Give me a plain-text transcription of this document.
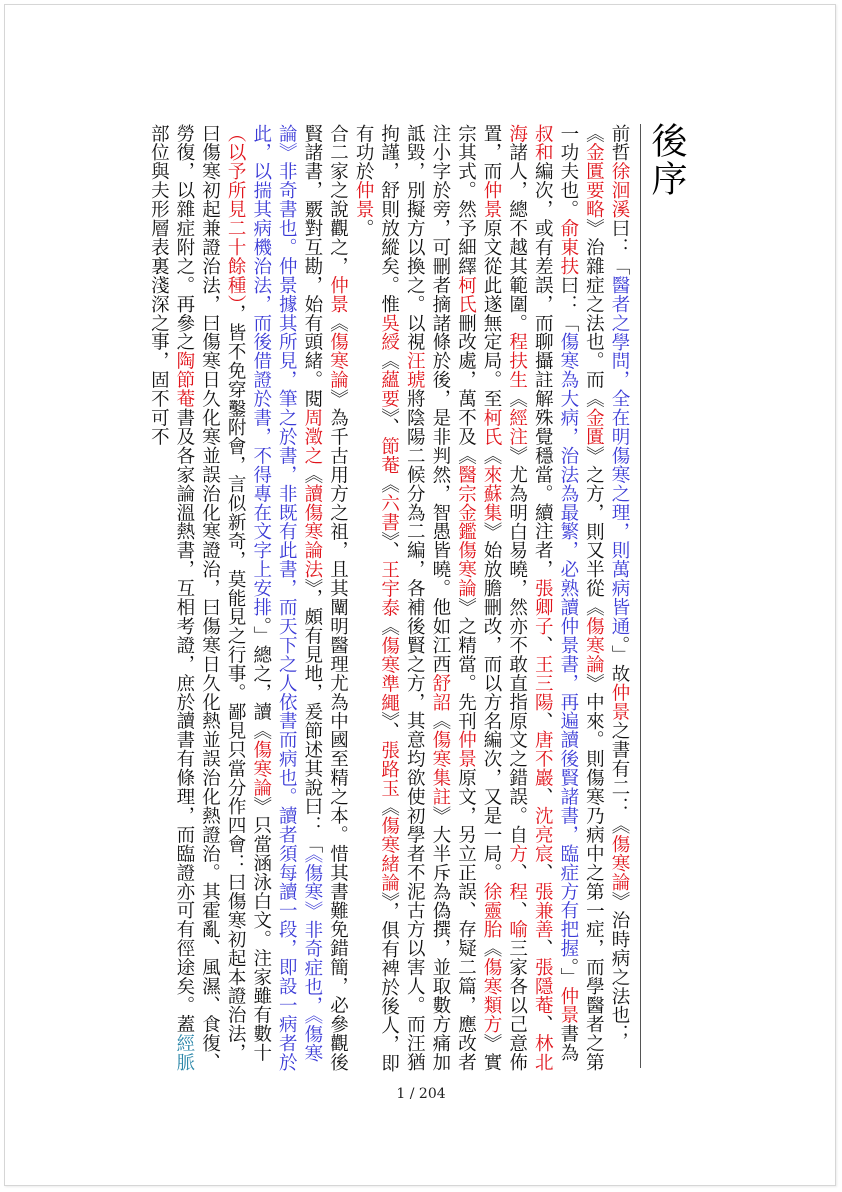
後序

前哲徐洄溪曰：「醫者之學問，全在明傷寒之理，則萬病皆通。」故仲景之書有二：《傷寒論》治時病之法也；《金匱要略》治雜症之法也。而《金匱》之方，則又半從《傷寒論》中來。則傷寒乃病中之第一症，而學醫者之第一功夫也。俞東扶曰：「傷寒為大病，治法為最繁，必熟讀仲景書，再遍讀後賢諸書，臨症方有把握。」仲景書為叔和編次，或有差誤，而聊攝註解殊覺穩當。續注者，張卿子、王三陽、唐不巖、沈亮宸、張兼善、張隱菴、林北海諸人，總不越其範圍。程扶生《經注》尤為明白易曉，然亦不敢直指原文之錯誤。自方、程、喻三家各以己意佈置，而仲景原文從此遂無定局。至柯氏《來蘇集》始放膽刪改，而以方名編次，又是一局。徐靈胎《傷寒類方》實宗其式。然予細繹柯氏刪改處，萬不及《醫宗金鑑傷寒論》之精當。先刊仲景原文，另立正誤、存疑二篇，應改者注小字於旁，可刪者摘諸條於後，是非判然，智愚皆曉。他如江西舒詔《傷寒集註》大半斥為偽撰，並取數方痛加詆毀，別擬方以換之。以視汪琥將陰陽二候分為二編，各補後賢之方，其意均欲使初學者不泥古方以害人。而汪猶拘謹，舒則放縱矣。惟吳綬《蘊要》、節菴《六書》、王宇泰《傷寒準繩》、張路玉《傷寒緒論》，俱有裨於後人，即有功於仲景。

合二家之說觀之，仲景《傷寒論》為千古用方之祖，且其闡明醫理尤為中國至精之本。惜其書難免錯簡，必參觀後賢諸書，覈對互勘，始有頭緒。閱周澂之《讀傷寒論法》，頗有見地，爰節述其說曰：「《傷寒》非奇症也，《傷寒論》非奇書也。仲景據其所見，筆之於書，非既有此書，而天下之人依書而病也。讀者須每讀一段，即設一病者於此，以揣其病機治法，而後借證於書，不得專在文字上安排。」總之，讀《傷寒論》只當涵泳白文。注家雖有數十（以予所見二十餘種），皆不免穿鑿附會，言似新奇，莫能見之行事。鄙見只當分作四會：曰傷寒初起本證治法，曰傷寒初起兼證治法，曰傷寒日久化寒並誤治化寒證治，曰傷寒日久化熱並誤治化熱證治。其霍亂、風濕、食復、勞復，以雜症附之。再參之陶節菴書及各家論溫熱書，互相考證，庶於讀書有條理，而臨證亦可有徑途矣。蓋經脈部位與夫形層表裏淺深之事，固不可不

1 / 204
